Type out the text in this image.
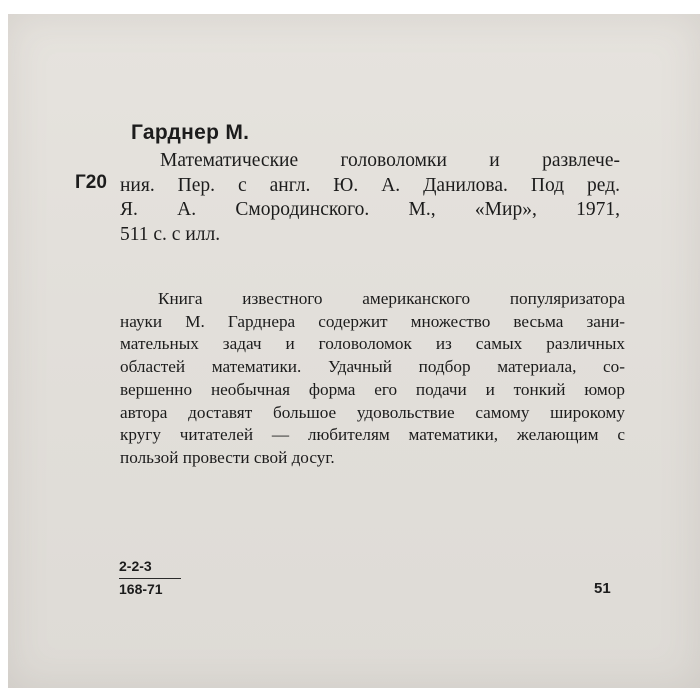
Гарднер М.
Г20
Математические головоломки и развлече-
ния. Пер. с англ. Ю. А. Данилова. Под ред.
Я. А. Смородинского. М., «Мир», 1971,
511 с. с илл.
Книга известного американского популяризатора
науки М. Гарднера содержит множество весьма зани-
мательных задач и головоломок из самых различных
областей математики. Удачный подбор материала, со-
вершенно необычная форма его подачи и тонкий юмор
автора доставят большое удовольствие самому широкому
кругу читателей — любителям математики, желающим с
пользой провести свой досуг.
2-2-3
168-71	51
